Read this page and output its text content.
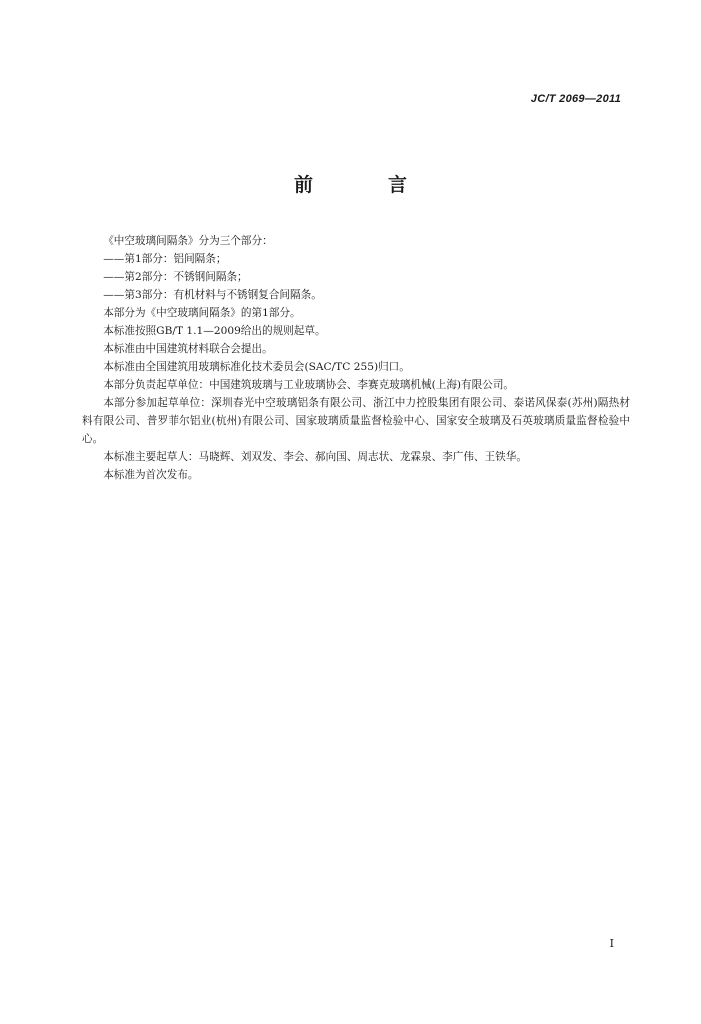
JC/T 2069—2011
前　言

《中空玻璃间隔条》分为三个部分：

——第1部分：铝间隔条；

——第2部分：不锈钢间隔条；

——第3部分：有机材料与不锈钢复合间隔条。

本部分为《中空玻璃间隔条》的第1部分。

本标准按照GB/T 1.1—2009给出的规则起草。

本标准由中国建筑材料联合会提出。

本标准由全国建筑用玻璃标准化技术委员会(SAC/TC 255)归口。

本部分负责起草单位：中国建筑玻璃与工业玻璃协会、李赛克玻璃机械(上海)有限公司。

本部分参加起草单位：深圳春光中空玻璃铝条有限公司、浙江中力控股集团有限公司、泰诺风保泰(苏州)隔热材料有限公司、普罗菲尔铝业(杭州)有限公司、国家玻璃质量监督检验中心、国家安全玻璃及石英玻璃质量监督检验中心。

本标准主要起草人：马晓辉、刘双发、李会、郝向国、周志状、龙霖泉、李广伟、王铁华。

本标准为首次发布。

I
